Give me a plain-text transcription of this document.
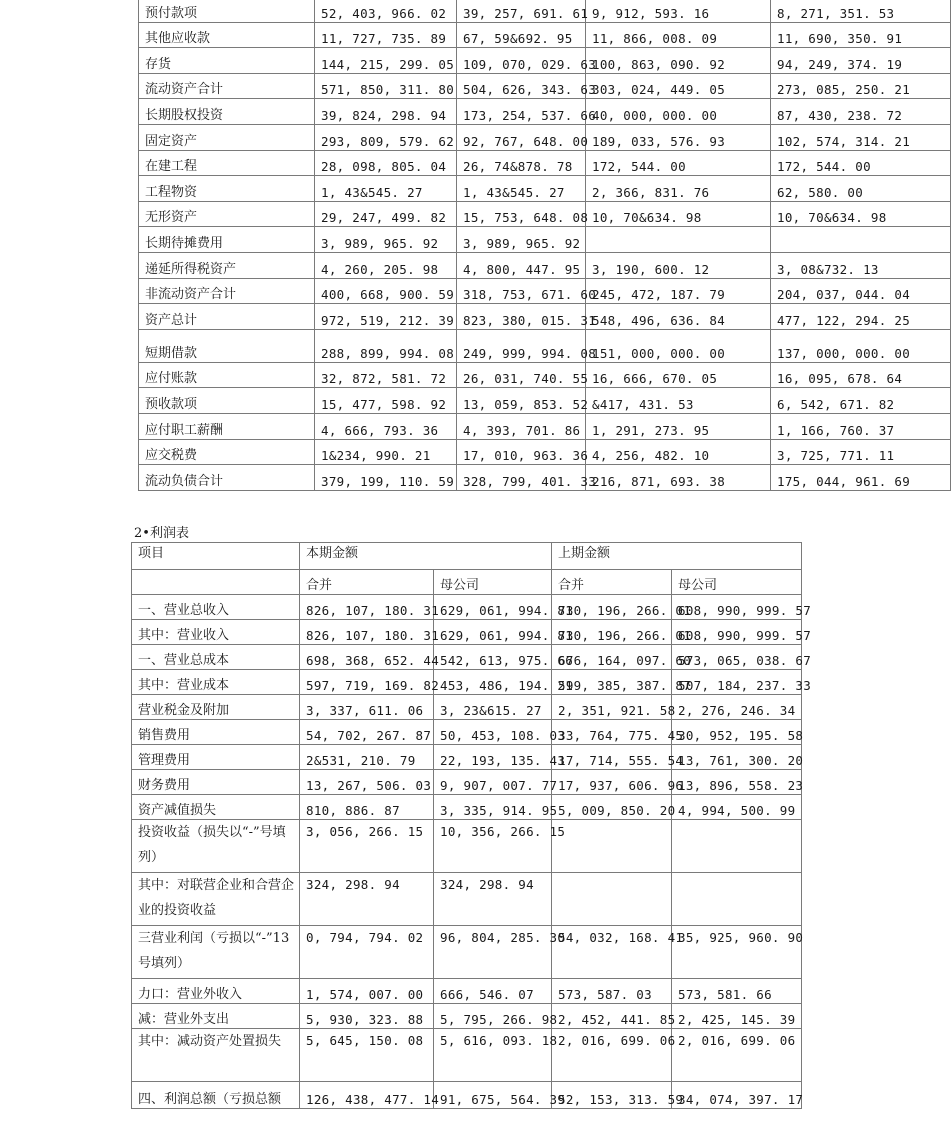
预付款项	52, 403, 966. 02	39, 257, 691. 61	9, 912, 593. 16	8, 271, 351. 53
其他应收款	11, 727, 735. 89	67, 59&692. 95	11, 866, 008. 09	11, 690, 350. 91
存货	144, 215, 299. 05	109, 070, 029. 63	100, 863, 090. 92	94, 249, 374. 19
流动资产合计	571, 850, 311. 80	504, 626, 343. 63	303, 024, 449. 05	273, 085, 250. 21
长期股权投资	39, 824, 298. 94	173, 254, 537. 66	40, 000, 000. 00	87, 430, 238. 72
固定资产	293, 809, 579. 62	92, 767, 648. 00	189, 033, 576. 93	102, 574, 314. 21
在建工程	28, 098, 805. 04	26, 74&878. 78	172, 544. 00	172, 544. 00
工程物资	1, 43&545. 27	1, 43&545. 27	2, 366, 831. 76	62, 580. 00
无形资产	29, 247, 499. 82	15, 753, 648. 08	10, 70&634. 98	10, 70&634. 98
长期待摊费用	3, 989, 965. 92	3, 989, 965. 92		
递延所得税资产	4, 260, 205. 98	4, 800, 447. 95	3, 190, 600. 12	3, 08&732. 13
非流动资产合计	400, 668, 900. 59	318, 753, 671. 60	245, 472, 187. 79	204, 037, 044. 04
资产总计	972, 519, 212. 39	823, 380, 015. 31	548, 496, 636. 84	477, 122, 294. 25
短期借款	288, 899, 994. 08	249, 999, 994. 08	151, 000, 000. 00	137, 000, 000. 00
应付账款	32, 872, 581. 72	26, 031, 740. 55	16, 666, 670. 05	16, 095, 678. 64
预收款项	15, 477, 598. 92	13, 059, 853. 52	&417, 431. 53	6, 542, 671. 82
应付职工薪酬	4, 666, 793. 36	4, 393, 701. 86	1, 291, 273. 95	1, 166, 760. 37
应交税费	1&234, 990. 21	17, 010, 963. 36	4, 256, 482. 10	3, 725, 771. 11
流动负债合计	379, 199, 110. 59	328, 799, 401. 33	216, 871, 693. 38	175, 044, 961. 69
2•利润表
项目	本期金额		上期金额	
	合并	母公司	合并	母公司
一、营业总收入	826, 107, 180. 31	629, 061, 994. 81	730, 196, 266. 01	608, 990, 999. 57
其中：营业收入	826, 107, 180. 31	629, 061, 994. 81	730, 196, 266. 01	608, 990, 999. 57
一、营业总成本	698, 368, 652. 44	542, 613, 975. 66	676, 164, 097. 60	573, 065, 038. 67
其中：营业成本	597, 719, 169. 82	453, 486, 194. 21	599, 385, 387. 87	507, 184, 237. 33
营业税金及附加	3, 337, 611. 06	3, 23&615. 27	2, 351, 921. 58	2, 276, 246. 34
销售费用	54, 702, 267. 87	50, 453, 108. 03	33, 764, 775. 45	30, 952, 195. 58
管理费用	2&531, 210. 79	22, 193, 135. 43	17, 714, 555. 54	13, 761, 300. 20
财务费用	13, 267, 506. 03	9, 907, 007. 77	17, 937, 606. 96	13, 896, 558. 23
资产减值损失	810, 886. 87	3, 335, 914. 95	5, 009, 850. 20	4, 994, 500. 99
投资收益（损失以“-”号填列）	3, 056, 266. 15	10, 356, 266. 15		
其中：对联营企业和合营企业的投资收益	324, 298. 94	324, 298. 94		
三营业利闰（亏损以“-”13号填列）	0, 794, 794. 02	96, 804, 285. 30	54, 032, 168. 41	35, 925, 960. 90
力口：营业外收入	1, 574, 007. 00	666, 546. 07	573, 587. 03	573, 581. 66
减：营业外支出	5, 930, 323. 88	5, 795, 266. 98	2, 452, 441. 85	2, 425, 145. 39
其中：减动资产处置损失	5, 645, 150. 08	5, 616, 093. 18	2, 016, 699. 06	2, 016, 699. 06
四、利润总额（亏损总额	126, 438, 477. 14	91, 675, 564. 39	52, 153, 313. 59	34, 074, 397. 17
